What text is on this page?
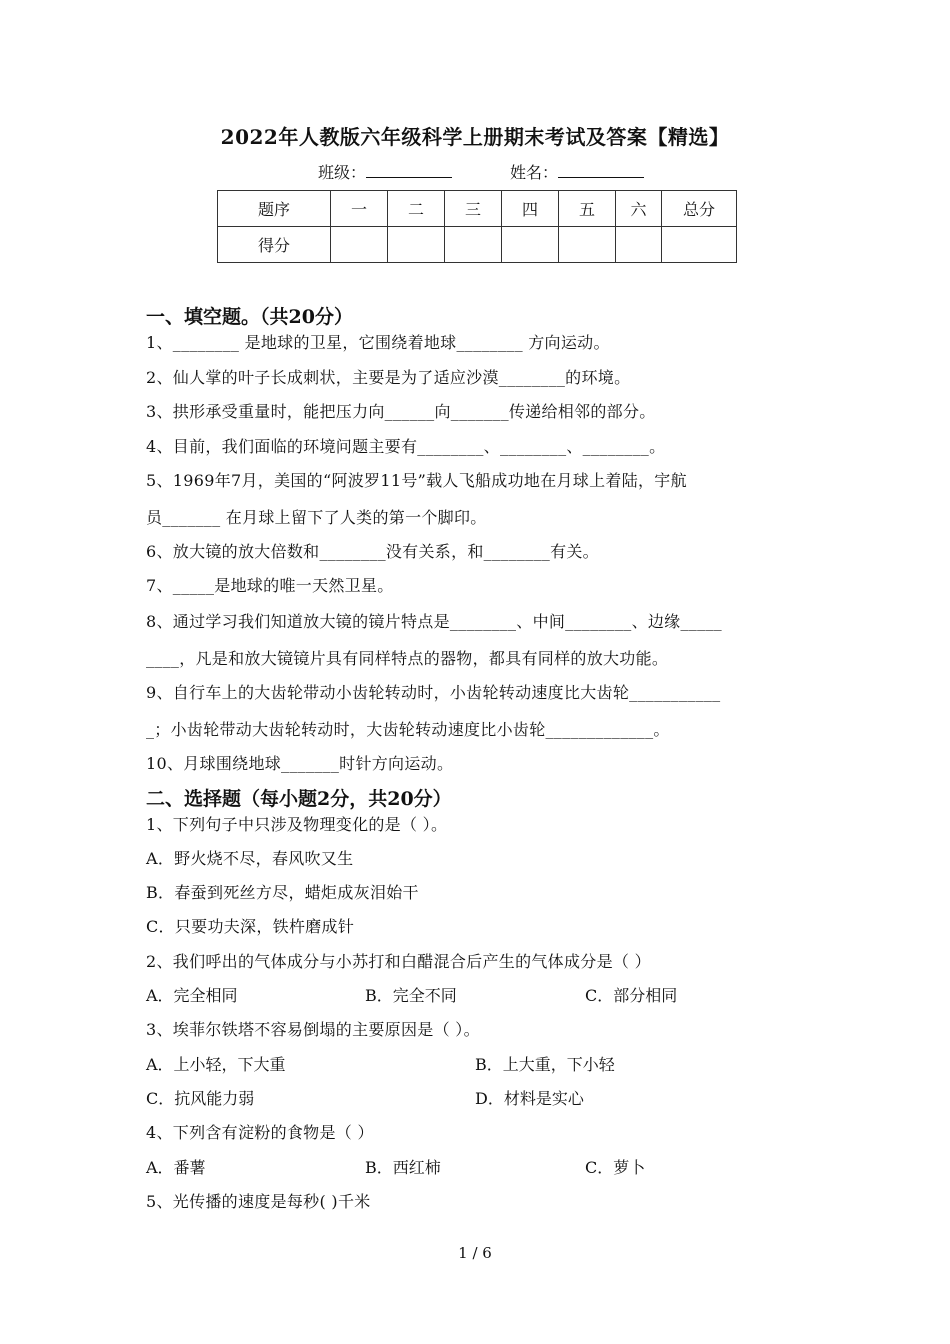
2022年人教版六年级科学上册期末考试及答案【精选】
班级：	姓名：
题序	一	二	三	四	五	六	总分
得分							
一、填空题。（共20分）
1、________ 是地球的卫星，它围绕着地球________ 方向运动。
2、仙人掌的叶子长成刺状，主要是为了适应沙漠________的环境。
3、拱形承受重量时，能把压力向______向_______传递给相邻的部分。
4、目前，我们面临的环境问题主要有________、________、________。
5、1969年7月，美国的“阿波罗11号”载人飞船成功地在月球上着陆，宇航
员_______ 在月球上留下了人类的第一个脚印。
6、放大镜的放大倍数和________没有关系，和________有关。
7、_____是地球的唯一天然卫星。
8、通过学习我们知道放大镜的镜片特点是________、中间________、边缘_____
____，凡是和放大镜镜片具有同样特点的器物，都具有同样的放大功能。
9、自行车上的大齿轮带动小齿轮转动时，小齿轮转动速度比大齿轮___________
_；小齿轮带动大齿轮转动时，大齿轮转动速度比小齿轮_____________。
10、月球围绕地球_______时针方向运动。
二、选择题（每小题2分，共20分）
1、下列句子中只涉及物理变化的是（ ）。
A．野火烧不尽，春风吹又生
B．春蚕到死丝方尽，蜡炬成灰泪始干
C．只要功夫深，铁杵磨成针
2、我们呼出的气体成分与小苏打和白醋混合后产生的气体成分是（ ）
A．完全相同	B．完全不同	C．部分相同
3、埃菲尔铁塔不容易倒塌的主要原因是（ ）。
A．上小轻，下大重	B．上大重，下小轻
C．抗风能力弱	D．材料是实心
4、下列含有淀粉的食物是（ ）
A．番薯	B．西红柿	C．萝卜
5、光传播的速度是每秒( )千米
1 / 6
